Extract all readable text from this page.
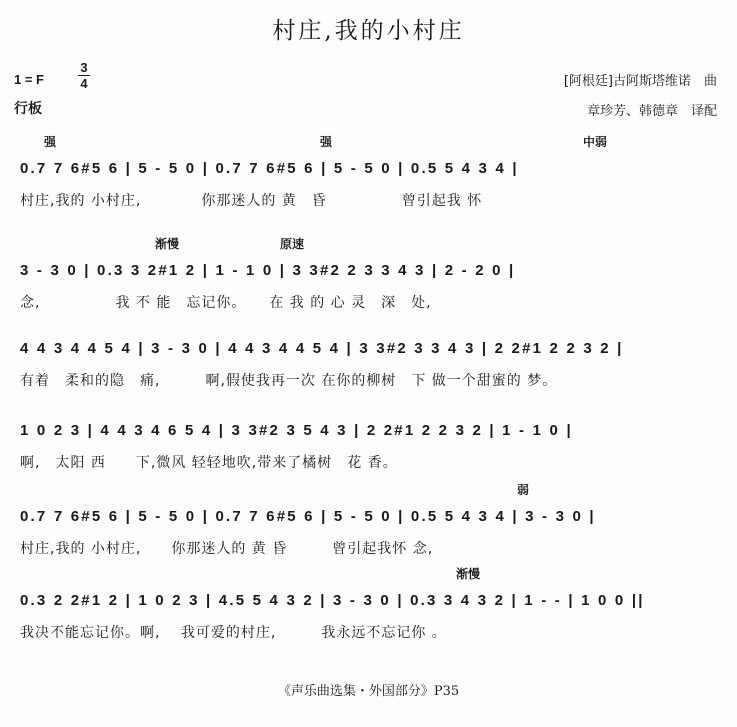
村庄,我的小村庄
1 = F
3
4
行板
[阿根廷]古阿斯塔维诺　曲
章珍芳、韩德章　译配
强	强	中弱
0.7 7 6#5 6 | 5 - 5 0 | 0.7 7 6#5 6 | 5 - 5 0 | 0.5 5 4 3 4 |
村庄,我的 小村庄,　　　　你那迷人的 黄　昏　　　　　曾引起我 怀
渐慢	原速
3 - 3 0 | 0.3 3 2#1 2 | 1 - 1 0 | 3 3#2 2 3 3 4 3 | 2 - 2 0 |
念,　　　　　我 不 能　忘记你。　　在 我 的 心 灵　深　处,
4 4 3 4 4 5 4 | 3 - 3 0 | 4 4 3 4 4 5 4 | 3 3#2 3 3 4 3 | 2 2#1 2 2 3 2 |
有着　柔和的隐　痛,　　　啊,假使我再一次 在你的柳树　下 做一个甜蜜的 梦。
1 0 2 3 | 4 4 3 4 6 5 4 | 3 3#2 3 5 4 3 | 2 2#1 2 2 3 2 | 1 - 1 0 |
啊,　太阳 西　　下,微风 轻轻地吹,带来了橘树　花 香。
弱
0.7 7 6#5 6 | 5 - 5 0 | 0.7 7 6#5 6 | 5 - 5 0 | 0.5 5 4 3 4 | 3 - 3 0 |
村庄,我的 小村庄,　　你那迷人的 黄 昏　　　曾引起我怀 念,
渐慢
0.3 2 2#1 2 | 1 0 2 3 | 4.5 5 4 3 2 | 3 - 3 0 | 0.3 3 4 3 2 | 1 - - | 1 0 0 ||
我决不能忘记你。啊,　 我可爱的村庄,　　　我永远不忘记你 。
《声乐曲选集・外国部分》P35
